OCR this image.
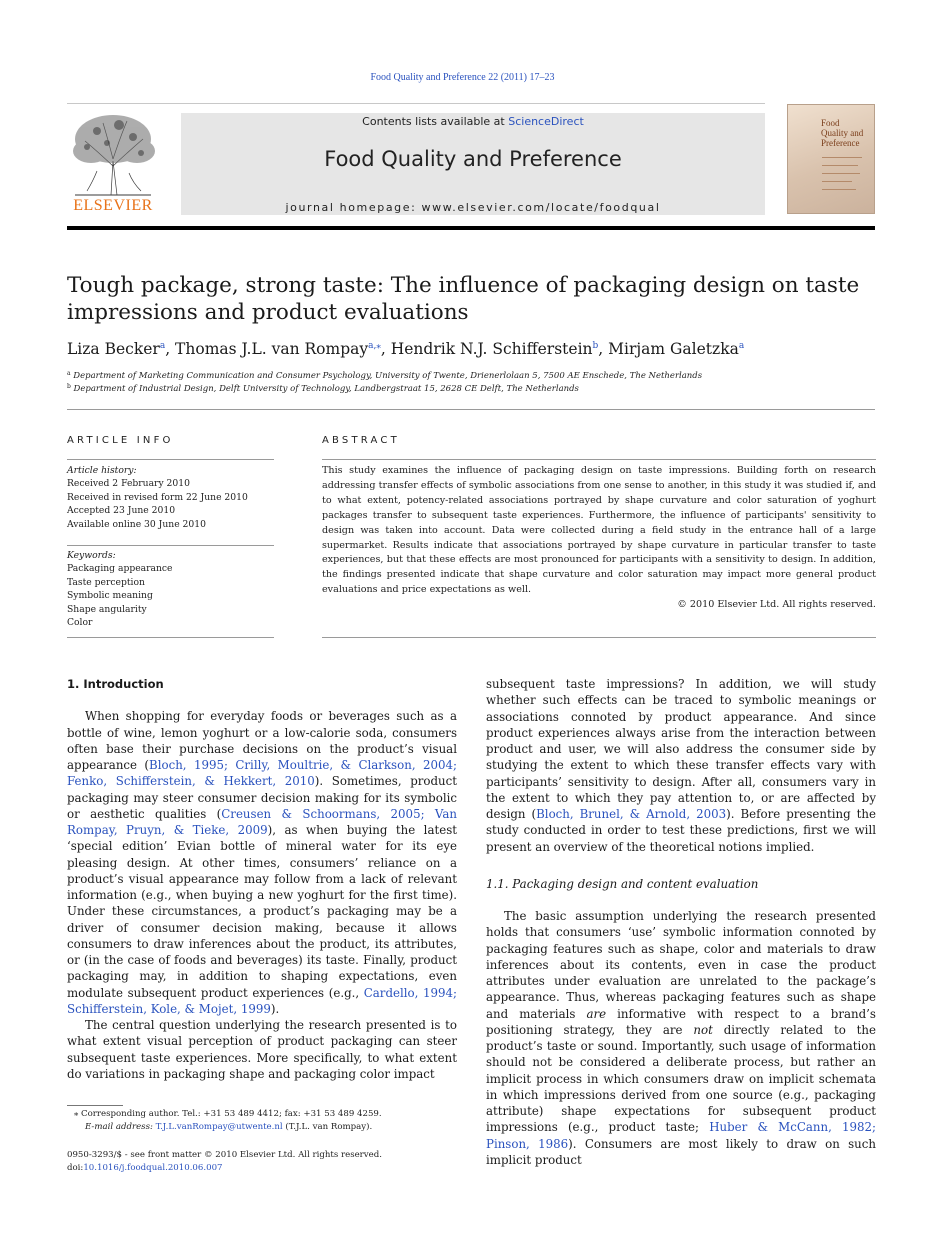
Food Quality and Preference 22 (2011) 17–23
ELSEVIER
Contents lists available at ScienceDirect
Food Quality and Preference
journal homepage: www.elsevier.com/locate/foodqual
Food
Quality and
Preference
Tough package, strong taste: The influence of packaging design on taste impressions and product evaluations
Liza Becker$^a$, Thomas J.L. van Rompay$^{a,⁎}$, Hendrik N.J. Schifferstein$^b$, Mirjam Galetzka$^a$
$^a$ Department of Marketing Communication and Consumer Psychology, University of Twente, Drienerlolaan 5, 7500 AE Enschede, The Netherlands
$^b$ Department of Industrial Design, Delft University of Technology, Landbergstraat 15, 2628 CE Delft, The Netherlands
ARTICLE INFO
Article history:
Received 2 February 2010
Received in revised form 22 June 2010
Accepted 23 June 2010
Available online 30 June 2010
Keywords:
Packaging appearance
Taste perception
Symbolic meaning
Shape angularity
Color
ABSTRACT
This study examines the influence of packaging design on taste impressions. Building forth on research addressing transfer effects of symbolic associations from one sense to another, in this study it was studied if, and to what extent, potency-related associations portrayed by shape curvature and color saturation of yoghurt packages transfer to subsequent taste experiences. Furthermore, the influence of participants' sensitivity to design was taken into account. Data were collected during a field study in the entrance hall of a large supermarket. Results indicate that associations portrayed by shape curvature in particular transfer to taste experiences, but that these effects are most pronounced for participants with a sensitivity to design. In addition, the findings presented indicate that shape curvature and color saturation may impact more general product evaluations and price expectations as well.
© 2010 Elsevier Ltd. All rights reserved.
1. Introduction

When shopping for everyday foods or beverages such as a bottle of wine, lemon yoghurt or a low-calorie soda, consumers often base their purchase decisions on the product’s visual appearance (Bloch, 1995; Crilly, Moultrie, & Clarkson, 2004; Fenko, Schifferstein, & Hekkert, 2010). Sometimes, product packaging may steer consumer decision making for its symbolic or aesthetic qualities (Creusen & Schoormans, 2005; Van Rompay, Pruyn, & Tieke, 2009), as when buying the latest ‘special edition’ Evian bottle of mineral water for its eye pleasing design. At other times, consumers’ reliance on a product’s visual appearance may follow from a lack of relevant information (e.g., when buying a new yoghurt for the first time). Under these circumstances, a product’s packaging may be a driver of consumer decision making, because it allows consumers to draw inferences about the product, its attributes, or (in the case of foods and beverages) its taste. Finally, product packaging may, in addition to shaping expectations, even modulate subsequent product experiences (e.g., Cardello, 1994; Schifferstein, Kole, & Mojet, 1999).

The central question underlying the research presented is to what extent visual perception of product packaging can steer subsequent taste experiences. More specifically, to what extent do variations in packaging shape and packaging color impact

subsequent taste impressions? In addition, we will study whether such effects can be traced to symbolic meanings or associations connoted by product appearance. And since product experiences always arise from the interaction between product and user, we will also address the consumer side by studying the extent to which these transfer effects vary with participants’ sensitivity to design. After all, consumers vary in the extent to which they pay attention to, or are affected by design (Bloch, Brunel, & Arnold, 2003). Before presenting the study conducted in order to test these predictions, first we will present an overview of the theoretical notions implied.

1.1. Packaging design and content evaluation

The basic assumption underlying the research presented holds that consumers ‘use’ symbolic information connoted by packaging features such as shape, color and materials to draw inferences about its contents, even in case the product attributes under evaluation are unrelated to the package’s appearance. Thus, whereas packaging features such as shape and materials are informative with respect to a brand’s positioning strategy, they are not directly related to the product’s taste or sound. Importantly, such usage of information should not be considered a deliberate process, but rather an implicit process in which consumers draw on implicit schemata in which impressions derived from one source (e.g., packaging attribute) shape expectations for subsequent product impressions (e.g., product taste; Huber & McCann, 1982; Pinson, 1986). Consumers are most likely to draw on such implicit product

⁎ Corresponding author. Tel.: +31 53 489 4412; fax: +31 53 489 4259.
E-mail address: T.J.L.vanRompay@utwente.nl (T.J.L. van Rompay).
0950-3293/$ - see front matter © 2010 Elsevier Ltd. All rights reserved.
doi:10.1016/j.foodqual.2010.06.007
